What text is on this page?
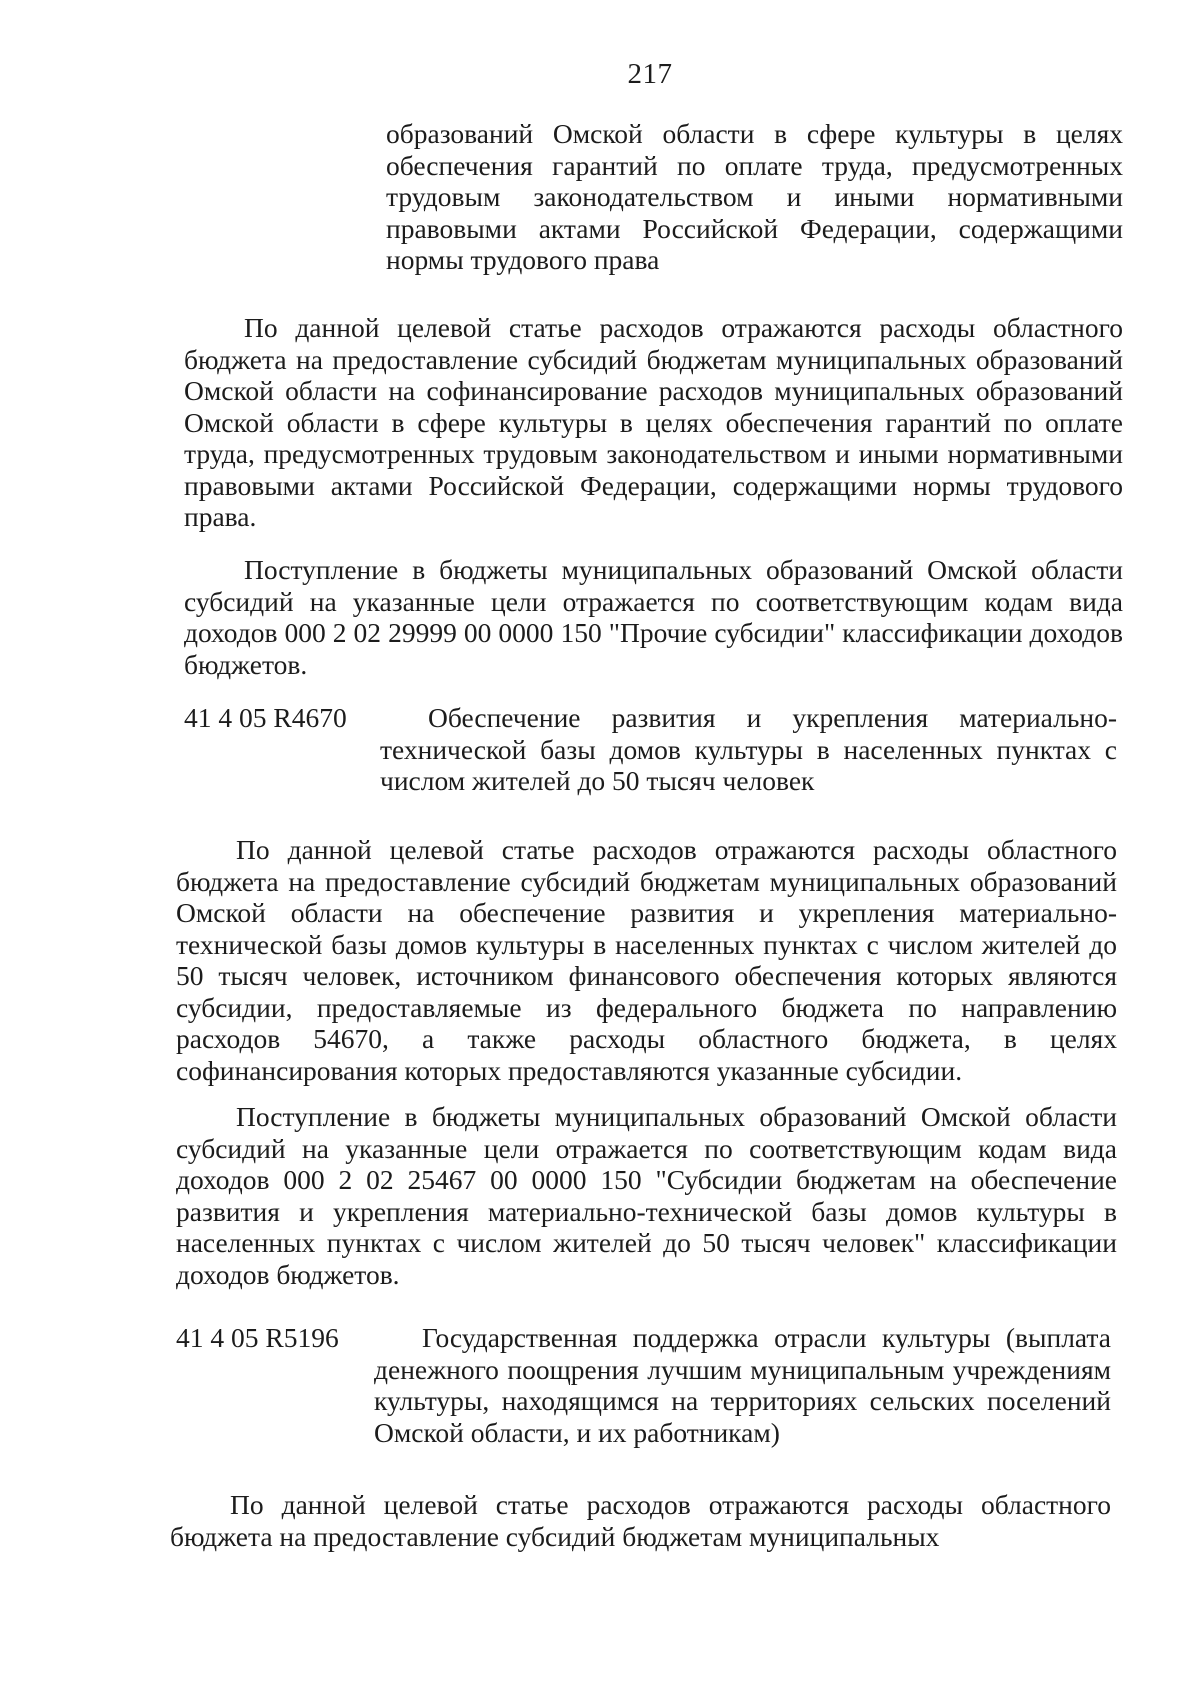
217

образований Омской области в сфере культуры в целях обеспечения гарантий по оплате труда, предусмотренных трудовым законодательством и иными нормативными правовыми актами Российской Федерации, содержащими нормы трудового права

По данной целевой статье расходов отражаются расходы областного бюджета на предоставление субсидий бюджетам муниципальных образований Омской области на софинансирование расходов муниципальных образований Омской области в сфере культуры в целях обеспечения гарантий по оплате труда, предусмотренных трудовым законодательством и иными нормативными правовыми актами Российской Федерации, содержащими нормы трудового права.

Поступление в бюджеты муниципальных образований Омской области субсидий на указанные цели отражается по соответствующим кодам вида доходов 000 2 02 29999 00 0000 150 "Прочие субсидии" классификации доходов бюджетов.

41 4 05 R4670	Обеспечение развития и укрепления материально-технической базы домов культуры в населенных пунктах с числом жителей до 50 тысяч человек

По данной целевой статье расходов отражаются расходы областного бюджета на предоставление субсидий бюджетам муниципальных образований Омской области на обеспечение развития и укрепления материально-технической базы домов культуры в населенных пунктах с числом жителей до 50 тысяч человек, источником финансового обеспечения которых являются субсидии, предоставляемые из федерального бюджета по направлению расходов 54670, а также расходы областного бюджета, в целях софинансирования которых предоставляются указанные субсидии.

Поступление в бюджеты муниципальных образований Омской области субсидий на указанные цели отражается по соответствующим кодам вида доходов 000 2 02 25467 00 0000 150 "Субсидии бюджетам на обеспечение развития и укрепления материально-технической базы домов культуры в населенных пунктах с числом жителей до 50 тысяч человек" классификации доходов бюджетов.

41 4 05 R5196	Государственная поддержка отрасли культуры (выплата денежного поощрения лучшим муниципальным учреждениям культуры, находящимся на территориях сельских поселений Омской области, и их работникам)

По данной целевой статье расходов отражаются расходы областного бюджета на предоставление субсидий бюджетам муниципальных
